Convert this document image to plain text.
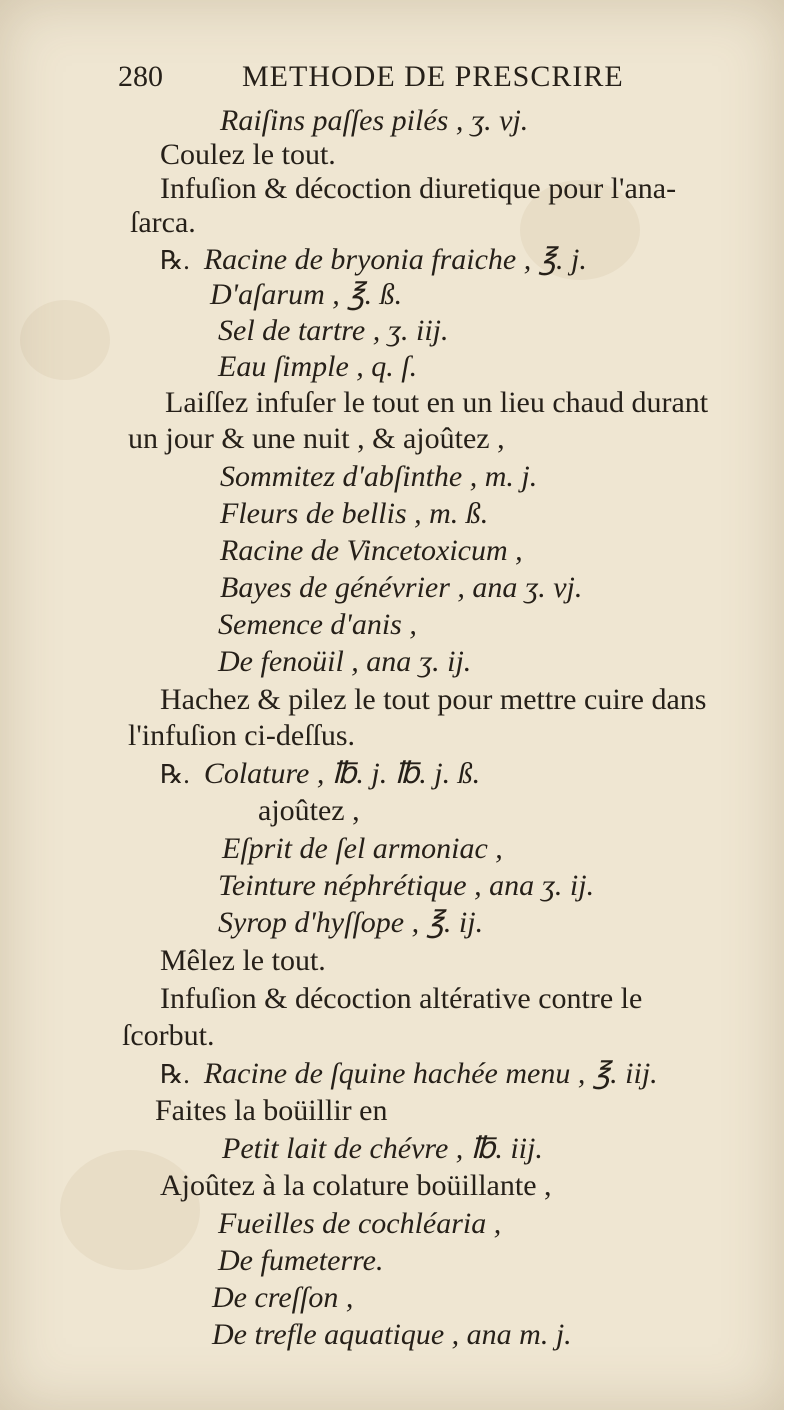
280	METHODE DE PRESCRIRE
Raiſins paſſes pilés , ʒ. vj.
Coulez le tout.
Infuſion & décoction diuretique pour l'ana-
ſarca.
℞. Racine de bryonia fraiche , ℥. j.
D'aſarum , ℥. ß.
Sel de tartre , ʒ. iij.
Eau ſimple , q. ſ.
Laiſſez infuſer le tout en un lieu chaud durant
un jour & une nuit , & ajoûtez ,
Sommitez d'abſinthe , m. j.
Fleurs de bellis , m. ß.
Racine de Vincetoxicum ,
Bayes de génévrier , ana ʒ. vj.
Semence d'anis ,
De fenoüil , ana ʒ. ij.
Hachez & pilez le tout pour mettre cuire dans
l'infuſion ci-deſſus.
℞. Colature , ℔. j. ℔. j. ß.
ajoûtez ,
Eſprit de ſel armoniac ,
Teinture néphrétique , ana ʒ. ij.
Syrop d'hyſſope , ℥. ij.
Mêlez le tout.
Infuſion & décoction altérative contre le
ſcorbut.
℞. Racine de ſquine hachée menu , ℥. iij.
Faites la boüillir en
Petit lait de chévre , ℔. iij.
Ajoûtez à la colature boüillante ,
Fueilles de cochléaria ,
De fumeterre.
De creſſon ,
De trefle aquatique , ana m. j.
